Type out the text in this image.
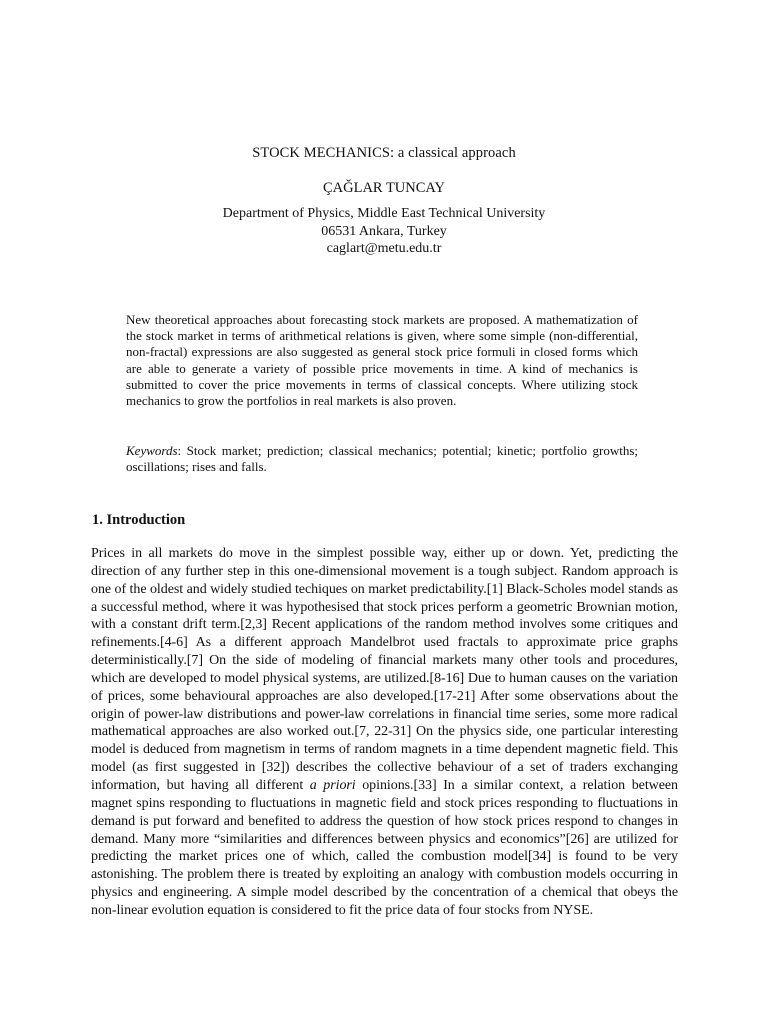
STOCK MECHANICS: a classical approach
ÇAĞLAR TUNCAY
Department of Physics, Middle East Technical University
06531 Ankara, Turkey
caglart@metu.edu.tr
New theoretical approaches about forecasting stock markets are proposed. A mathematization of the stock market in terms of arithmetical relations is given, where some simple (non-differential, non-fractal) expressions are also suggested as general stock price formuli in closed forms which are able to generate a variety of possible price movements in time. A kind of mechanics is submitted to cover the price movements in terms of classical concepts. Where utilizing stock mechanics to grow the portfolios in real markets is also proven.
Keywords: Stock market; prediction; classical mechanics; potential; kinetic; portfolio growths; oscillations; rises and falls.
1. Introduction
Prices in all markets do move in the simplest possible way, either up or down. Yet, predicting the direction of any further step in this one-dimensional movement is a tough subject. Random approach is one of the oldest and widely studied techiques on market predictability.[1] Black-Scholes model stands as a successful method, where it was hypothesised that stock prices perform a geometric Brownian motion, with a constant drift term.[2,3] Recent applications of the random method involves some critiques and refinements.[4-6] As a different approach Mandelbrot used fractals to approximate price graphs deterministically.[7] On the side of modeling of financial markets many other tools and procedures, which are developed to model physical systems, are utilized.[8-16] Due to human causes on the variation of prices, some behavioural approaches are also developed.[17-21] After some observations about the origin of power-law distributions and power-law correlations in financial time series, some more radical mathematical approaches are also worked out.[7, 22-31] On the physics side, one particular interesting model is deduced from magnetism in terms of random magnets in a time dependent magnetic field. This model (as first suggested in [32]) describes the collective behaviour of a set of traders exchanging information, but having all different a priori opinions.[33] In a similar context, a relation between magnet spins responding to fluctuations in magnetic field and stock prices responding to fluctuations in demand is put forward and benefited to address the question of how stock prices respond to changes in demand. Many more “similarities and differences between physics and economics”[26] are utilized for predicting the market prices one of which, called the combustion model[34] is found to be very astonishing. The problem there is treated by exploiting an analogy with combustion models occurring in physics and engineering. A simple model described by the concentration of a chemical that obeys the non-linear evolution equation is considered to fit the price data of four stocks from NYSE.
